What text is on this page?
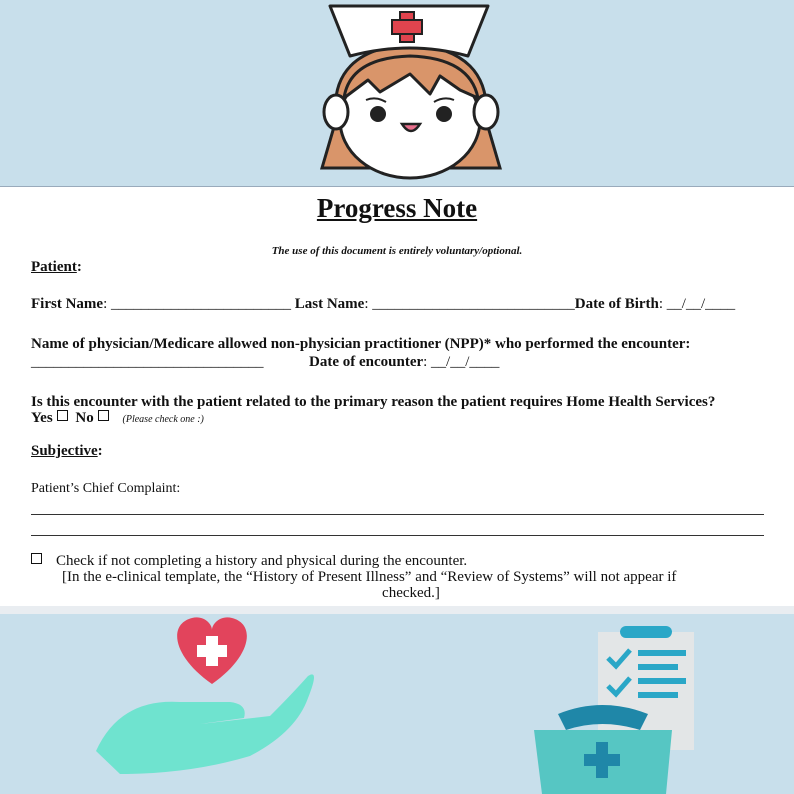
Progress Note
The use of this document is entirely voluntary/optional.
Patient:
First Name: ________________________ Last Name: ___________________________Date of Birth: __/__/____
Name of physician/Medicare allowed non-physician practitioner (NPP)* who performed the encounter:
_______________________________	Date of encounter: __/__/____
Is this encounter with the patient related to the primary reason the patient requires Home Health Services?
Yes No	(Please check one :)
Subjective:
Patient’s Chief Complaint:
Check if not completing a history and physical during the encounter.
[In the e-clinical template, the “History of Present Illness” and “Review of Systems” will not appear if
checked.]
